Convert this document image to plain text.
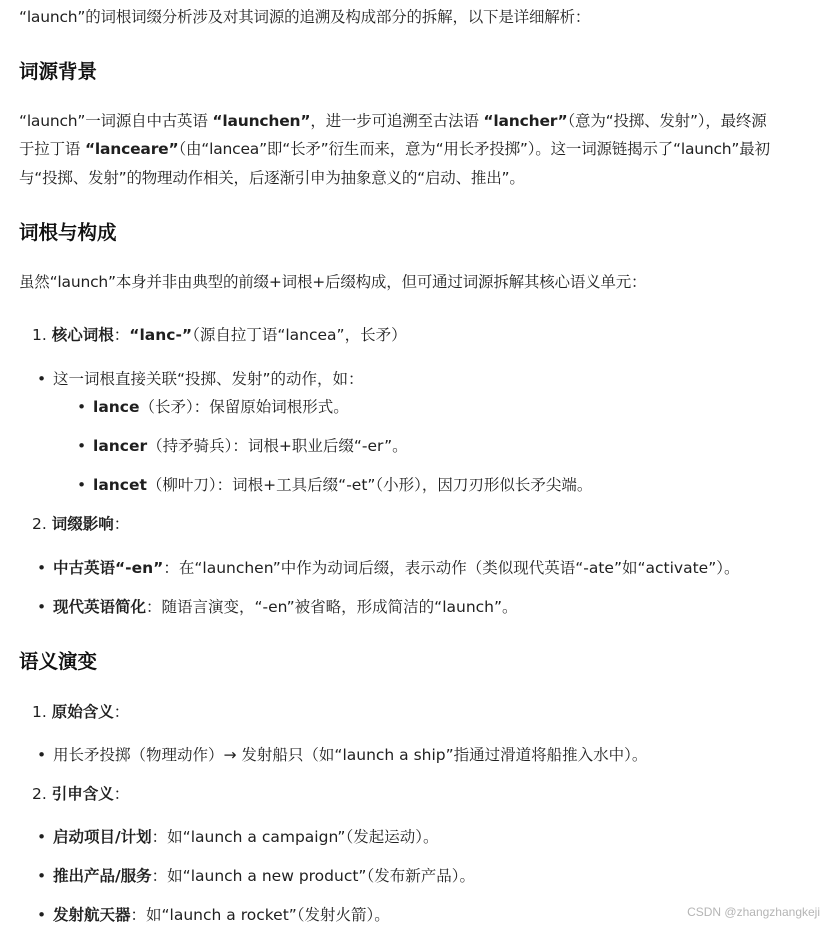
“launch”的词根词缀分析涉及对其词源的追溯及构成部分的拆解，以下是详细解析：
词源背景
“launch”一词源自中古英语 “launchen”，进一步可追溯至古法语 “lancher”（意为“投掷、发射”），最终源
于拉丁语 “lanceare”（由“lancea”即“长矛”衍生而来，意为“用长矛投掷”）。这一词源链揭示了“launch”最初
与“投掷、发射”的物理动作相关，后逐渐引申为抽象意义的“启动、推出”。
词根与构成
虽然“launch”本身并非由典型的前缀+词根+后缀构成，但可通过词源拆解其核心语义单元：
1. 核心词根：“lanc-”（源自拉丁语“lancea”，长矛）
• 这一词根直接关联“投掷、发射”的动作，如：
• lance（长矛）：保留原始词根形式。
• lancer（持矛骑兵）：词根+职业后缀“-er”。
• lancet（柳叶刀）：词根+工具后缀“-et”（小形），因刀刃形似长矛尖端。
2. 词缀影响：
• 中古英语“-en”：在“launchen”中作为动词后缀，表示动作（类似现代英语“-ate”如“activate”）。
• 现代英语简化：随语言演变，“-en”被省略，形成简洁的“launch”。
语义演变
1. 原始含义：
• 用长矛投掷（物理动作）→ 发射船只（如“launch a ship”指通过滑道将船推入水中）。
2. 引申含义：
• 启动项目/计划：如“launch a campaign”（发起运动）。
• 推出产品/服务：如“launch a new product”（发布新产品）。
• 发射航天器：如“launch a rocket”（发射火箭）。	CSDN @zhangzhangkeji
